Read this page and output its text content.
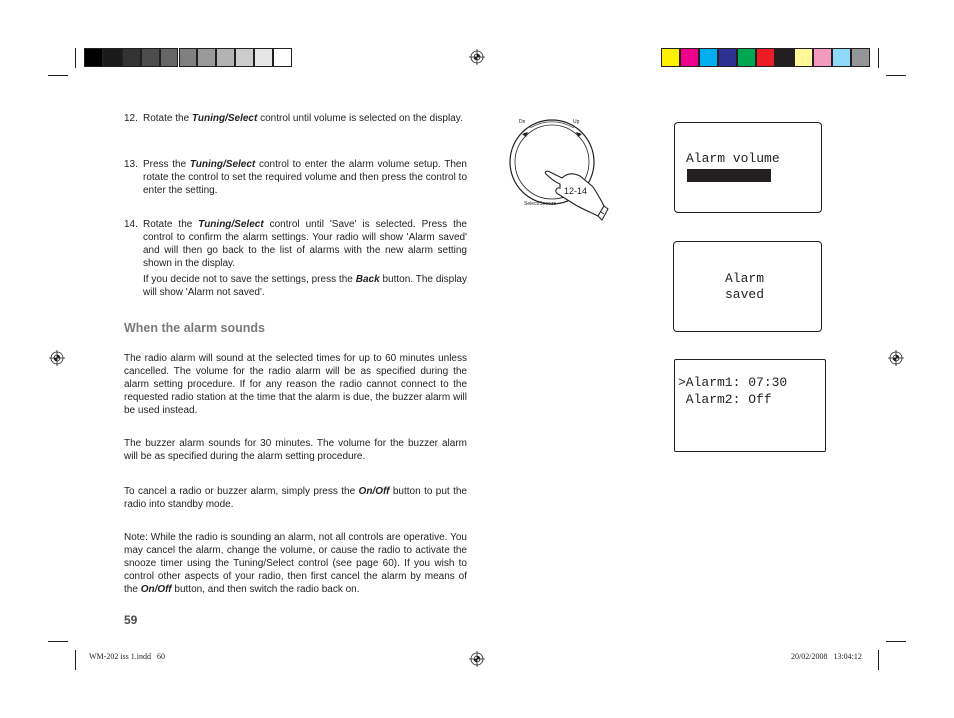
12. Rotate the Tuning/Select control until volume is selected on the display.
13. Press the Tuning/Select control to enter the alarm volume setup. Then rotate the control to set the required volume and then press the control to enter the setting.
14. Rotate the Tuning/Select control until 'Save' is selected. Press the control to confirm the alarm settings. Your radio will show 'Alarm saved' and will then go back to the list of alarms with the new alarm setting shown in the display.
If you decide not to save the settings, press the Back button. The display will show 'Alarm not saved'.
When the alarm sounds
The radio alarm will sound at the selected times for up to 60 minutes unless cancelled. The volume for the radio alarm will be as specified during the alarm setting procedure. If for any reason the radio cannot connect to the requested radio station at the time that the alarm is due, the buzzer alarm will be used instead.
The buzzer alarm sounds for 30 minutes. The volume for the buzzer alarm will be as specified during the alarm setting procedure.
To cancel a radio or buzzer alarm, simply press the On/Off button to put the radio into standby mode.
Note: While the radio is sounding an alarm, not all controls are operative. You may cancel the alarm, change the volume, or cause the radio to activate the snooze timer using the Tuning/Select control (see page 60). If you wish to control other aspects of your radio, then first cancel the alarm by means of the On/Off button, and then switch the radio back on.
59
Dn	Up
Select/Snooze
12-14
Alarm volume
Alarm
saved
>Alarm1: 07:30
Alarm2: Off
WM-202 iss 1.indd   60	20/02/2008   13:04:12
